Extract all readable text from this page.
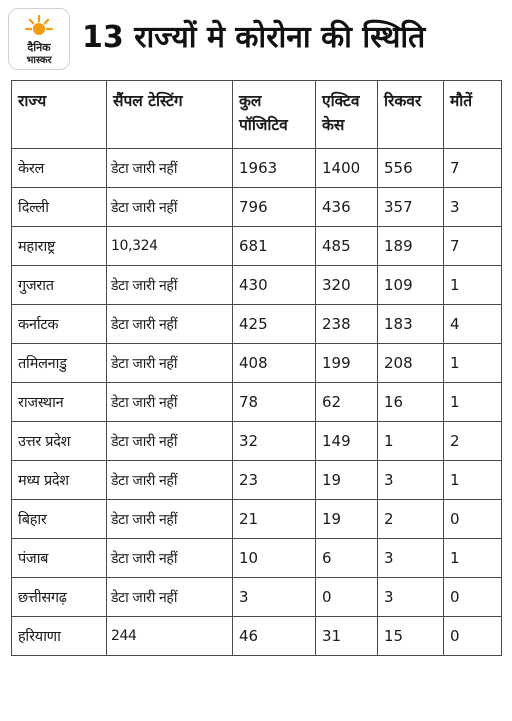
दैनिक
भास्कर
13 राज्यों मे कोरोना की स्थिति
राज्य	सैंपल टेस्टिंग	कुल पॉजिटिव	एक्टिव केस	रिकवर	मौतें
केरल	डेटा जारी नहीं	1963	1400	556	7
दिल्ली	डेटा जारी नहीं	796	436	357	3
महाराष्ट्र	10,324	681	485	189	7
गुजरात	डेटा जारी नहीं	430	320	109	1
कर्नाटक	डेटा जारी नहीं	425	238	183	4
तमिलनाडु	डेटा जारी नहीं	408	199	208	1
राजस्थान	डेटा जारी नहीं	78	62	16	1
उत्तर प्रदेश	डेटा जारी नहीं	32	149	1	2
मध्य प्रदेश	डेटा जारी नहीं	23	19	3	1
बिहार	डेटा जारी नहीं	21	19	2	0
पंजाब	डेटा जारी नहीं	10	6	3	1
छत्तीसगढ़	डेटा जारी नहीं	3	0	3	0
हरियाणा	244	46	31	15	0
